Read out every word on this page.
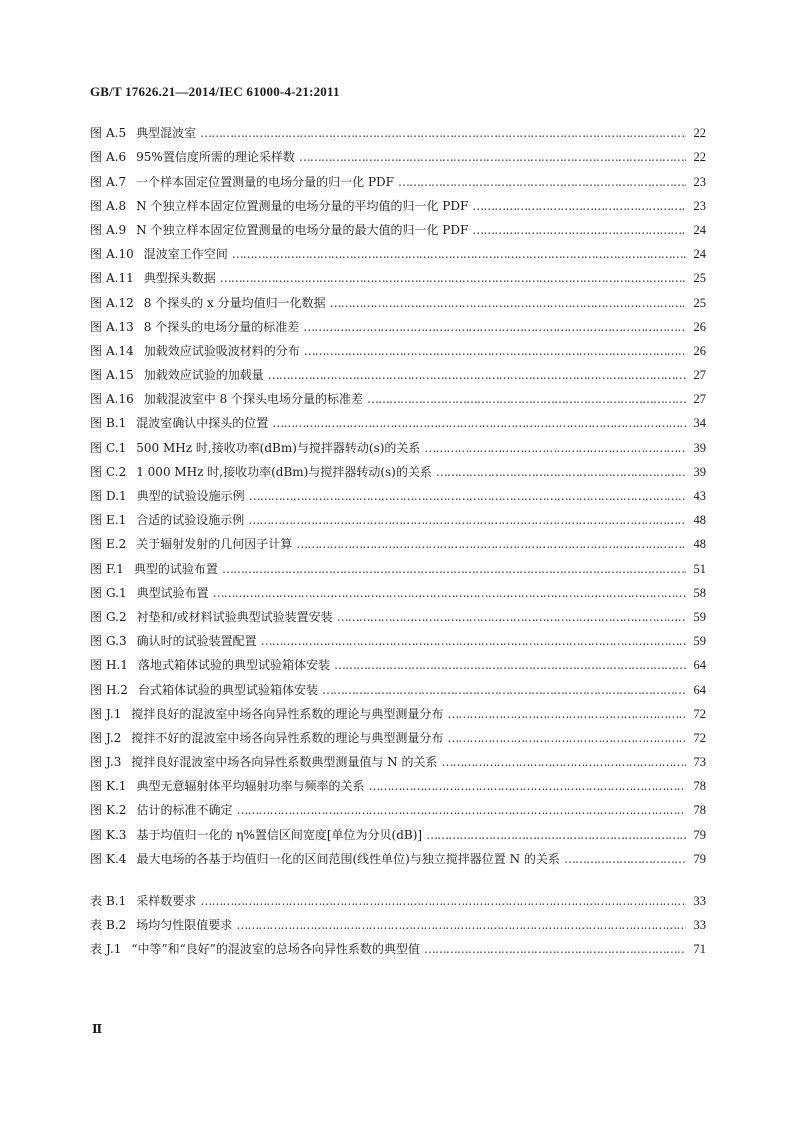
GB/T 17626.21—2014/IEC 61000-4-21:2011
图 A.5 典型混波室 ……………………………………………………………………………………………………………………………………………………………………………………………………………………	22
图 A.6 95%置信度所需的理论采样数 ……………………………………………………………………………………………………………………………………………………………………………………………………………………	22
图 A.7 一个样本固定位置测量的电场分量的归一化 PDF ……………………………………………………………………………………………………………………………………………………………………………………………………………………	23
图 A.8 N 个独立样本固定位置测量的电场分量的平均值的归一化 PDF ……………………………………………………………………………………………………………………………………………………………………………………………………………………	23
图 A.9 N 个独立样本固定位置测量的电场分量的最大值的归一化 PDF ……………………………………………………………………………………………………………………………………………………………………………………………………………………	24
图 A.10 混波室工作空间 ……………………………………………………………………………………………………………………………………………………………………………………………………………………	24
图 A.11 典型探头数据 ……………………………………………………………………………………………………………………………………………………………………………………………………………………	25
图 A.12 8 个探头的 x 分量均值归一化数据 ……………………………………………………………………………………………………………………………………………………………………………………………………………………	25
图 A.13 8 个探头的电场分量的标准差 ……………………………………………………………………………………………………………………………………………………………………………………………………………………	26
图 A.14 加载效应试验吸波材料的分布 ……………………………………………………………………………………………………………………………………………………………………………………………………………………	26
图 A.15 加载效应试验的加载量 ……………………………………………………………………………………………………………………………………………………………………………………………………………………	27
图 A.16 加载混波室中 8 个探头电场分量的标准差 ……………………………………………………………………………………………………………………………………………………………………………………………………………………	27
图 B.1 混波室确认中探头的位置 ……………………………………………………………………………………………………………………………………………………………………………………………………………………	34
图 C.1 500 MHz 时,接收功率(dBm)与搅拌器转动(s)的关系 ……………………………………………………………………………………………………………………………………………………………………………………………………………………	39
图 C.2 1 000 MHz 时,接收功率(dBm)与搅拌器转动(s)的关系 ……………………………………………………………………………………………………………………………………………………………………………………………………………………	39
图 D.1 典型的试验设施示例 ……………………………………………………………………………………………………………………………………………………………………………………………………………………	43
图 E.1 合适的试验设施示例 ……………………………………………………………………………………………………………………………………………………………………………………………………………………	48
图 E.2 关于辐射发射的几何因子计算 ……………………………………………………………………………………………………………………………………………………………………………………………………………………	48
图 F.1 典型的试验布置 ……………………………………………………………………………………………………………………………………………………………………………………………………………………	51
图 G.1 典型试验布置 ……………………………………………………………………………………………………………………………………………………………………………………………………………………	58
图 G.2 衬垫和/或材料试验典型试验装置安装 ……………………………………………………………………………………………………………………………………………………………………………………………………………………	59
图 G.3 确认时的试验装置配置 ……………………………………………………………………………………………………………………………………………………………………………………………………………………	59
图 H.1 落地式箱体试验的典型试验箱体安装 ……………………………………………………………………………………………………………………………………………………………………………………………………………………	64
图 H.2 台式箱体试验的典型试验箱体安装 ……………………………………………………………………………………………………………………………………………………………………………………………………………………	64
图 J.1 搅拌良好的混波室中场各向异性系数的理论与典型测量分布 ……………………………………………………………………………………………………………………………………………………………………………………………………………………	72
图 J.2 搅拌不好的混波室中场各向异性系数的理论与典型测量分布 ……………………………………………………………………………………………………………………………………………………………………………………………………………………	72
图 J.3 搅拌良好混波室中场各向异性系数典型测量值与 N 的关系 ……………………………………………………………………………………………………………………………………………………………………………………………………………………	73
图 K.1 典型无意辐射体平均辐射功率与频率的关系 ……………………………………………………………………………………………………………………………………………………………………………………………………………………	78
图 K.2 估计的标准不确定 ……………………………………………………………………………………………………………………………………………………………………………………………………………………	78
图 K.3 基于均值归一化的 η%置信区间宽度[单位为分贝(dB)] ……………………………………………………………………………………………………………………………………………………………………………………………………………………	79
图 K.4 最大电场的各基于均值归一化的区间范围(线性单位)与独立搅拌器位置 N 的关系 ……………………………………………………………………………………………………………………………………………………………………………………………………………………	79
表 B.1 采样数要求 ……………………………………………………………………………………………………………………………………………………………………………………………………………………	33
表 B.2 场均匀性限值要求 ……………………………………………………………………………………………………………………………………………………………………………………………………………………	33
表 J.1 “中等”和“良好”的混波室的总场各向异性系数的典型值 ……………………………………………………………………………………………………………………………………………………………………………………………………………………	71
Ⅱ
